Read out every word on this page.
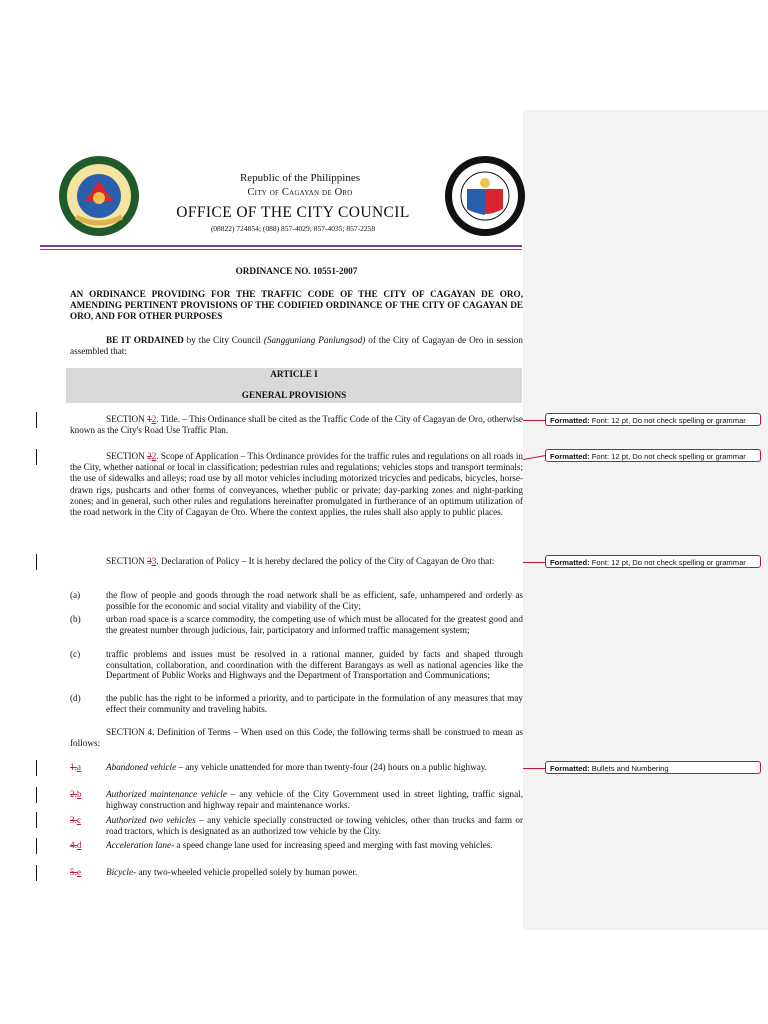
Republic of the Philippines
City of Cagayan de Oro
OFFICE OF THE CITY COUNCIL
(08822) 724854; (088) 857-4029; 857-4035; 857-2258
ORDINANCE NO. 10551-2007
AN ORDINANCE PROVIDING FOR THE TRAFFIC CODE OF THE CITY OF CAGAYAN DE ORO, AMENDING PERTINENT PROVISIONS OF THE CODIFIED ORDINANCE OF THE CITY OF CAGAYAN DE ORO, AND FOR OTHER PURPOSES
BE IT ORDAINED by the City Council (Sangguniang Panlungsod) of the City of Cagayan de Oro in session assembled that:
ARTICLE I
GENERAL PROVISIONS
SECTION 12. Title. – This Ordinance shall be cited as the Traffic Code of the City of Cagayan de Oro, otherwise known as the City's Road Use Traffic Plan.
SECTION 22. Scope of Application – This Ordinance provides for the traffic rules and regulations on all roads in the City, whether national or local in classification; pedestrian rules and regulations; vehicles stops and transport terminals; the use of sidewalks and alleys; road use by all motor vehicles including motorized tricycles and pedicabs, bicycles, horse-drawn rigs, pushcarts and other forms of conveyances, whether public or private; day-parking zones and night-parking zones; and in general, such other rules and regulations hereinafter promulgated in furtherance of an optimum utilization of the road network in the City of Cagayan de Oro. Where the context applies, the rules shall also apply to public places.
SECTION 33. Declaration of Policy – It is hereby declared the policy of the City of Cagayan de Oro that:
(a)	the flow of people and goods through the road network shall be as efficient, safe, unhampered and orderly as possible for the economic and social vitality and viability of the City;
(b)	urban road space is a scarce commodity, the competing use of which must be allocated for the greatest good and the greatest number through judicious, fair, participatory and informed traffic management system;
(c)	traffic problems and issues must be resolved in a rational manner, guided by facts and shaped through consultation, collaboration, and coordination with the different Barangays as well as national agencies like the Department of Public Works and Highways and the Department of Transportation and Communications;
(d)	the public has the right to be informed a priority, and to participate in the formulation of any measures that may effect their community and traveling habits.
SECTION 4. Definition of Terms – When used on this Code, the following terms shall be construed to mean as follows:
1.a	Abandoned vehicle – any vehicle unattended for more than twenty-four (24) hours on a public highway.
2.b	Authorized maintenance vehicle – any vehicle of the City Government used in street lighting, traffic signal, highway construction and highway repair and maintenance works.
3.c	Authorized two vehicles – any vehicle specially constructed or towing vehicles, other than trucks and farm or road tractors, which is designated as an authorized tow vehicle by the City.
4.d	Acceleration lane- a speed change lane used for increasing speed and merging with fast moving vehicles.
5.e	Bicycle- any two-wheeled vehicle propelled solely by human power.
Formatted: Font: 12 pt, Do not check spelling or grammar
Formatted: Font: 12 pt, Do not check spelling or grammar
Formatted: Font: 12 pt, Do not check spelling or grammar
Formatted: Bullets and Numbering
